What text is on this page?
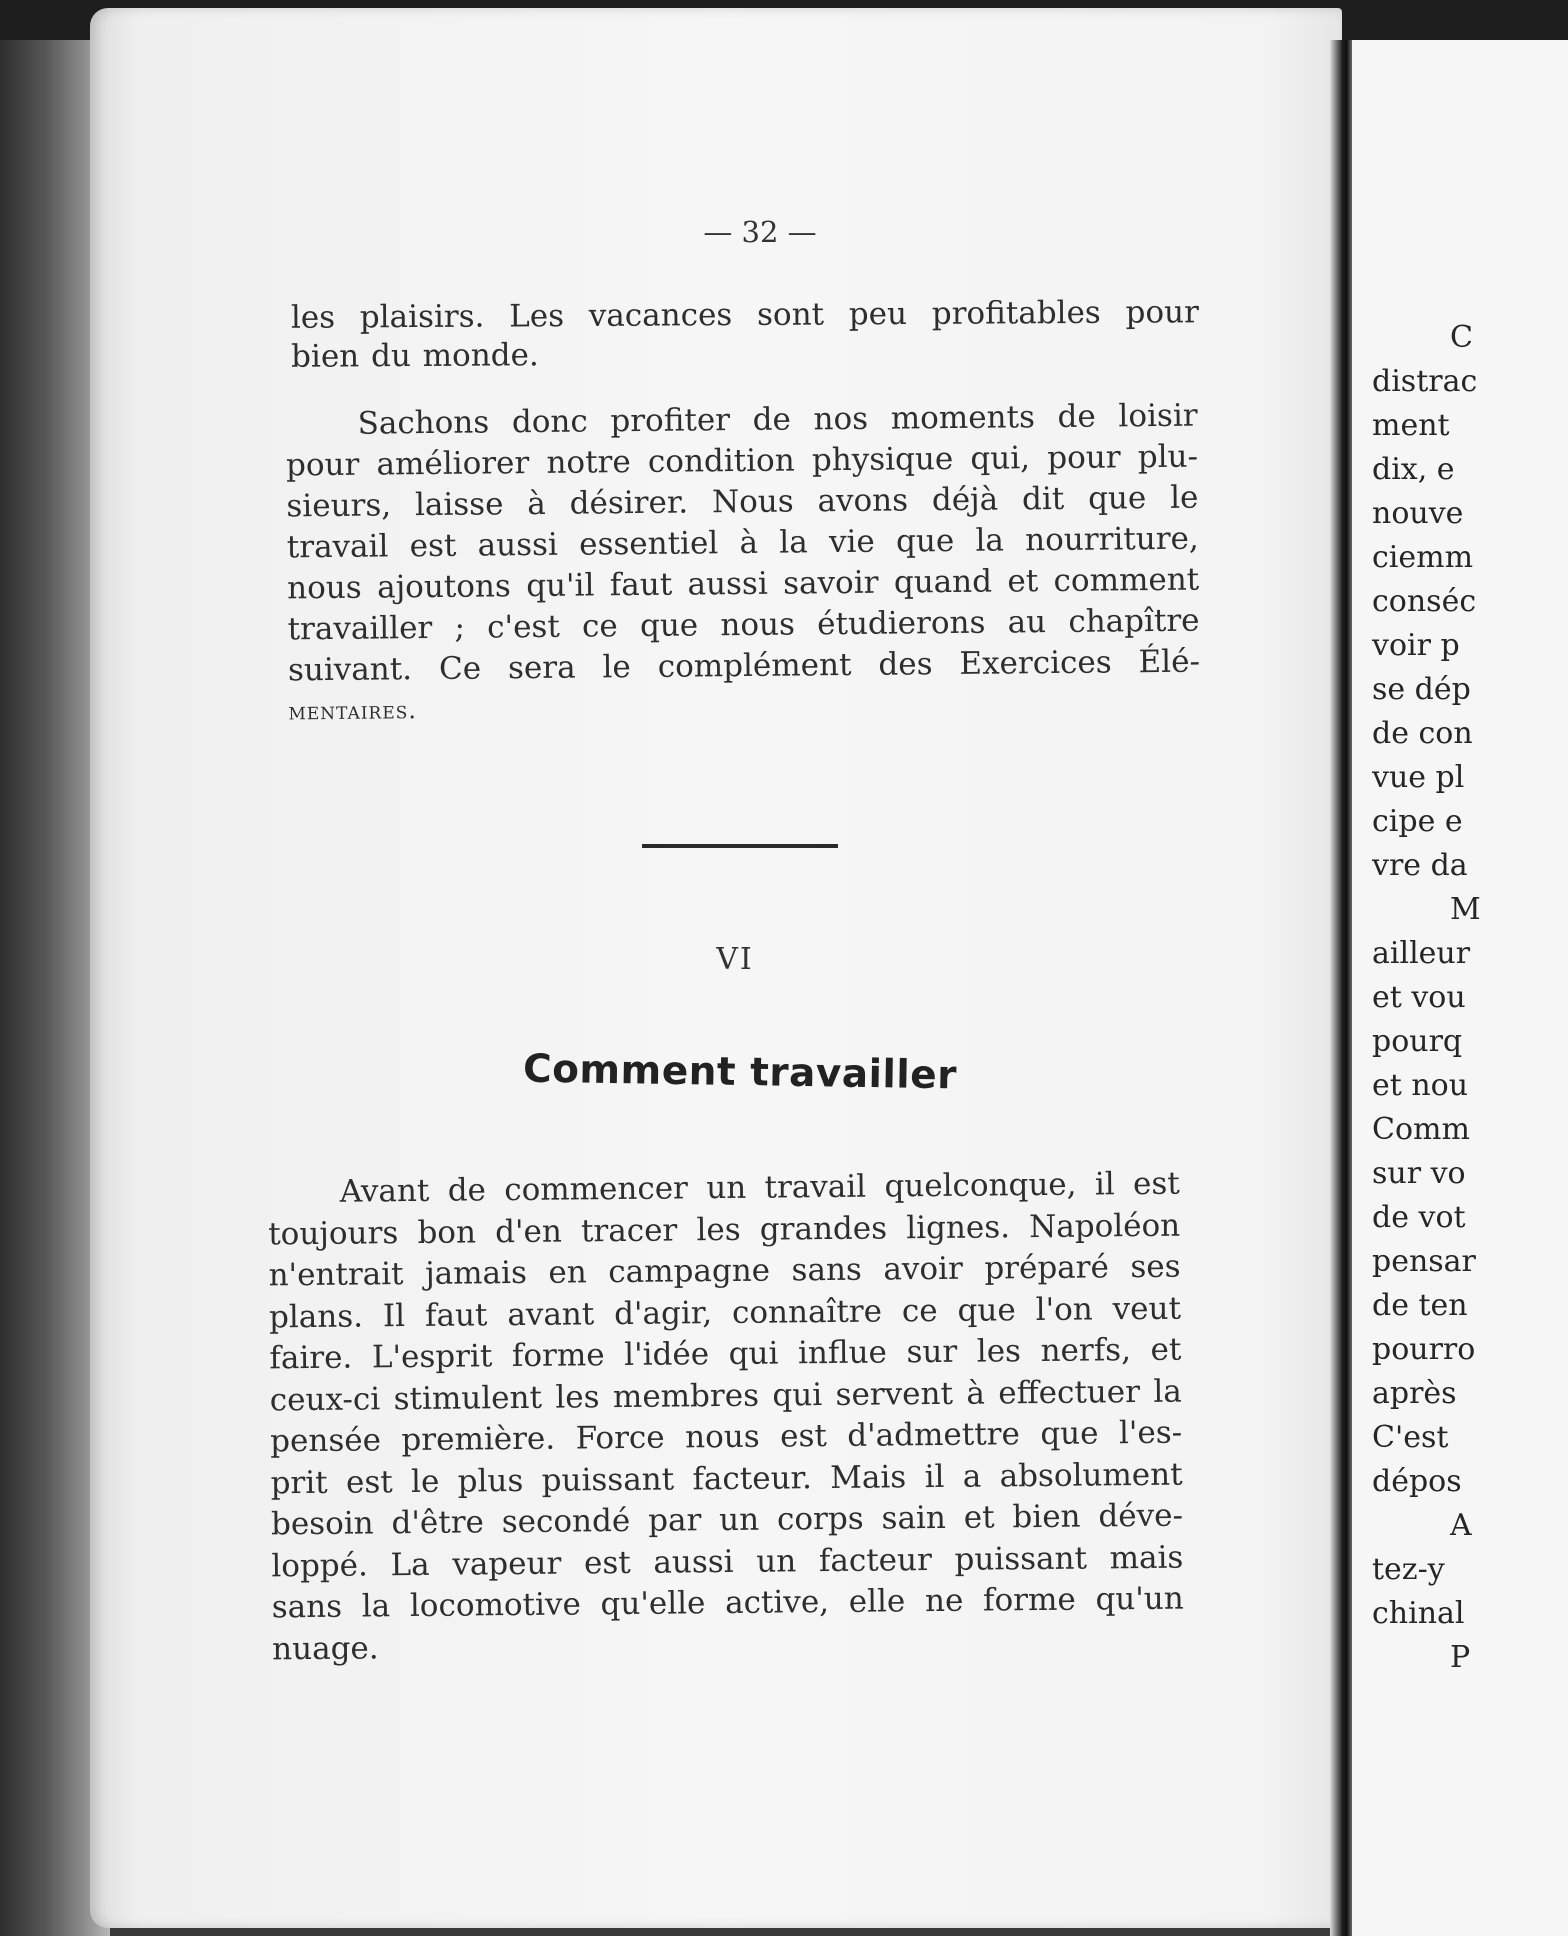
— 32 —
les plaisirs. Les vacances sont peu profitables pour
bien du monde.
Sachons donc profiter de nos moments de loisir
pour améliorer notre condition physique qui, pour plu-
sieurs, laisse à désirer. Nous avons déjà dit que le
travail est aussi essentiel à la vie que la nourriture,
nous ajoutons qu'il faut aussi savoir quand et comment
travailler ; c'est ce que nous étudierons au chapître
suivant. Ce sera le complément des Exercices Élé-
mentaires.
VI
Comment travailler
Avant de commencer un travail quelconque, il est
toujours bon d'en tracer les grandes lignes. Napoléon
n'entrait jamais en campagne sans avoir préparé ses
plans. Il faut avant d'agir, connaître ce que l'on veut
faire. L'esprit forme l'idée qui influe sur les nerfs, et
ceux-ci stimulent les membres qui servent à effectuer la
pensée première. Force nous est d'admettre que l'es-
prit est le plus puissant facteur. Mais il a absolument
besoin d'être secondé par un corps sain et bien déve-
loppé. La vapeur est aussi un facteur puissant mais
sans la locomotive qu'elle active, elle ne forme qu'un
nuage.
C
distrac
ment
dix, e
nouve
ciemm
conséc
voir p
se dép
de con
vue pl
cipe e
vre da
M
ailleur
et vou
pourq
et nou
Comm
sur vo
de vot
pensar
de ten
pourro
après
C'est
dépos
A
tez-y
chinal
P
